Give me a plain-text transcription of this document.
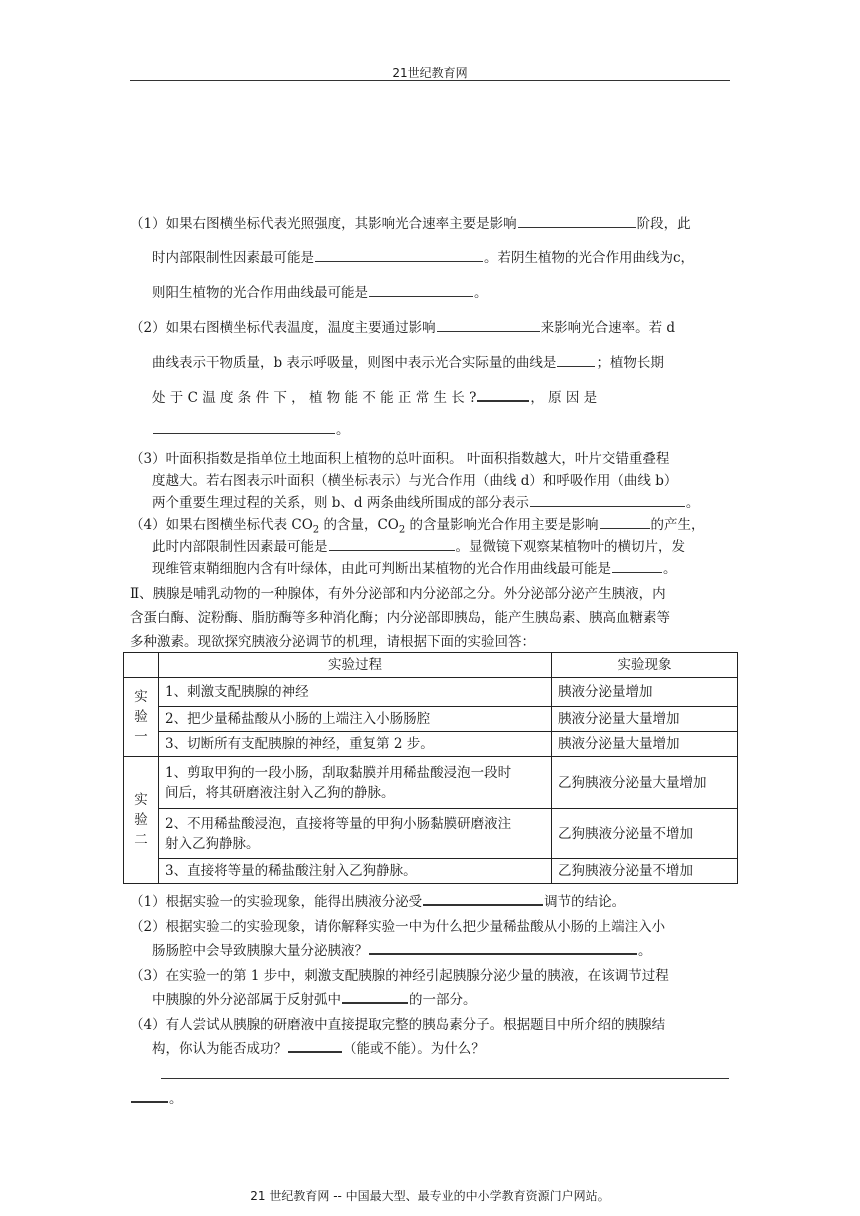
21世纪教育网

（1）如果右图横坐标代表光照强度，其影响光合速率主要是影响	阶段，此

时内部限制性因素最可能是	。若阴生植物的光合作用曲线为c，

则阳生植物的光合作用曲线最可能是	。

（2）如果右图横坐标代表温度，温度主要通过影响	来影响光合速率。若 d

曲线表示干物质量，b 表示呼吸量，则图中表示光合实际量的曲线是	；植物长期

处 于 C 温 度 条 件 下 ， 植 物 能 不 能 正 常 生 长 ?	， 原 因 是

。

（3）叶面积指数是指单位土地面积上植物的总叶面积。 叶面积指数越大，叶片交错重叠程

度越大。若右图表示叶面积（横坐标表示）与光合作用（曲线 d）和呼吸作用（曲线 b）

两个重要生理过程的关系，则 b、d 两条曲线所围成的部分表示	。

（4）如果右图横坐标代表 $CO_2$ 的含量，$CO_2$ 的含量影响光合作用主要是影响	的产生，

此时内部限制性因素最可能是	。显微镜下观察某植物叶的横切片，发

现维管束鞘细胞内含有叶绿体，由此可判断出某植物的光合作用曲线最可能是	。

Ⅱ、胰腺是哺乳动物的一种腺体，有外分泌部和内分泌部之分。外分泌部分泌产生胰液，内

含蛋白酶、淀粉酶、脂肪酶等多种消化酶；内分泌部即胰岛，能产生胰岛素、胰高血糖素等

多种激素。现欲探究胰液分泌调节的机理，请根据下面的实验回答：

	实验过程	实验现象
实
验
一	1、刺激支配胰腺的神经	胰液分泌量增加
	2、把少量稀盐酸从小肠的上端注入小肠肠腔	胰液分泌量大量增加
	3、切断所有支配胰腺的神经，重复第 2 步。	胰液分泌量大量增加
实
验
二	1、剪取甲狗的一段小肠，刮取黏膜并用稀盐酸浸泡一段时
间后，将其研磨液注射入乙狗的静脉。	乙狗胰液分泌量大量增加
	2、不用稀盐酸浸泡，直接将等量的甲狗小肠黏膜研磨液注
射入乙狗静脉。	乙狗胰液分泌量不增加
	3、直接将等量的稀盐酸注射入乙狗静脉。	乙狗胰液分泌量不增加

（1）根据实验一的实验现象，能得出胰液分泌受	调节的结论。

（2）根据实验二的实验现象，请你解释实验一中为什么把少量稀盐酸从小肠的上端注入小

肠肠腔中会导致胰腺大量分泌胰液？	。

（3）在实验一的第 1 步中，刺激支配胰腺的神经引起胰腺分泌少量的胰液，在该调节过程

中胰腺的外分泌部属于反射弧中	的一部分。

（4）有人尝试从胰腺的研磨液中直接提取完整的胰岛素分子。根据题目中所介绍的胰腺结

构，你认为能否成功？	（能或不能）。为什么？

。

21 世纪教育网 -- 中国最大型、最专业的中小学教育资源门户网站。
